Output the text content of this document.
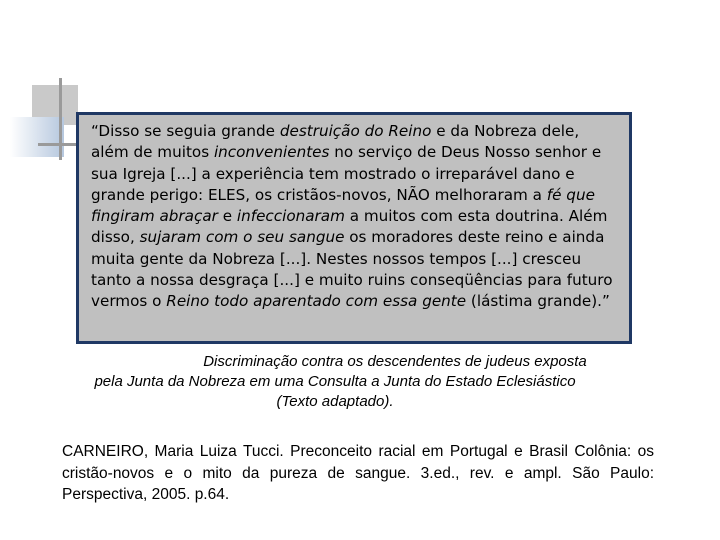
“Disso se seguia grande destruição do Reino e da Nobreza dele, além de muitos inconvenientes no serviço de Deus Nosso senhor e sua Igreja [...] a experiência tem mostrado o irreparável dano e grande perigo: ELES, os cristãos-novos, NÃO melhoraram a fé que fingiram abraçar e infeccionaram a muitos com esta doutrina. Além disso, sujaram com o seu sangue os moradores deste reino e ainda muita gente da Nobreza [...]. Nestes nossos tempos [...] cresceu tanto a nossa desgraça [...] e muito ruins conseqüências para futuro vermos o Reino todo aparentado com essa gente (lástima grande).”
Discriminação contra os descendentes de judeus exposta
pela Junta da Nobreza em uma Consulta a Junta do Estado Eclesiástico
(Texto adaptado).
CARNEIRO, Maria Luiza Tucci. Preconceito racial em Portugal e Brasil Colônia: os cristão-novos e o mito da pureza de sangue. 3.ed., rev. e ampl. São Paulo: Perspectiva, 2005. p.64.
